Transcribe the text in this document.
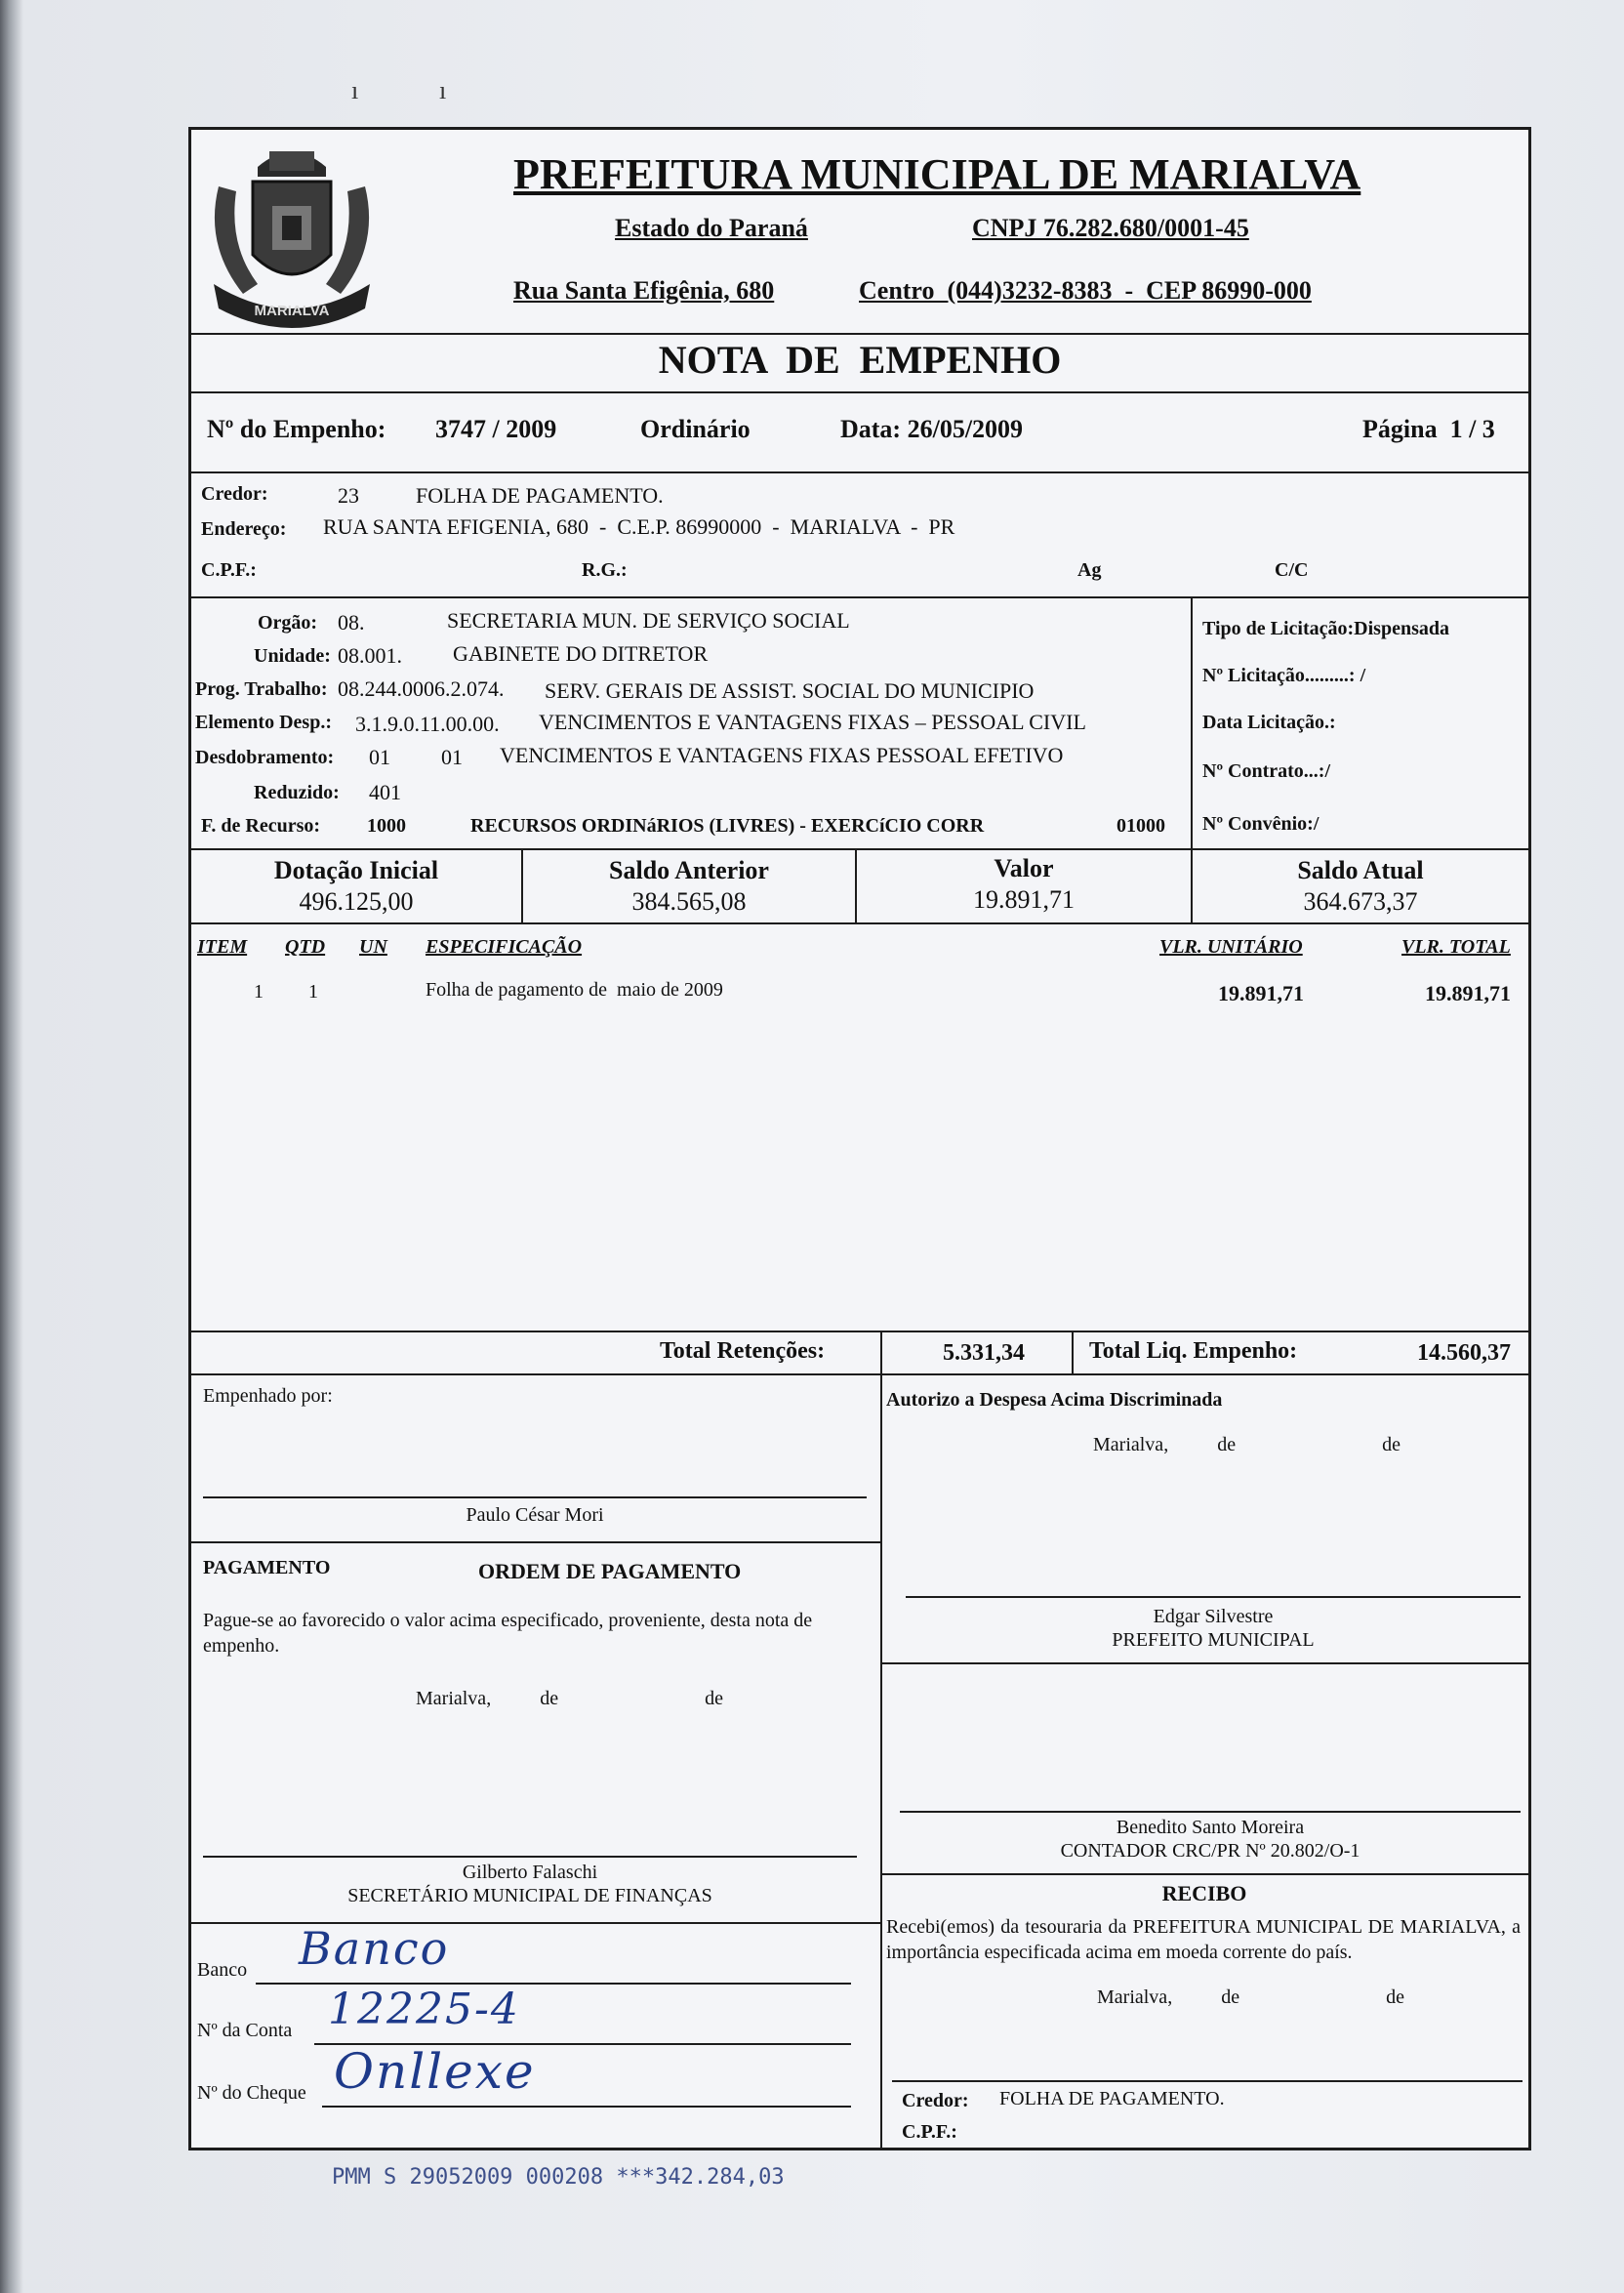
ı	ı
MARIALVA
PREFEITURA MUNICIPAL DE MARIALVA
Estado do Paraná	CNPJ 76.282.680/0001-45
Rua Santa Efigênia, 680	Centro  (044)3232-8383  -  CEP 86990-000
NOTA  DE  EMPENHO
Nº do Empenho: 3747 / 2009	Ordinário	Data: 26/05/2009	Página  1 / 3
Credor:	23	FOLHA DE PAGAMENTO.
Endereço: RUA SANTA EFIGENIA, 680  -  C.E.P. 86990000  -  MARIALVA  -  PR
C.P.F.:	R.G.:	Ag	C/C
Orgão: 08.	SECRETARIA MUN. DE SERVIÇO SOCIAL
Unidade: 08.001. GABINETE DO DITRETOR
Prog. Trabalho: 08.244.0006.2.074. SERV. GERAIS DE ASSIST. SOCIAL DO MUNICIPIO
Elemento Desp.: 3.1.9.0.11.00.00. VENCIMENTOS E VANTAGENS FIXAS – PESSOAL CIVIL
Desdobramento: 01 01 VENCIMENTOS E VANTAGENS FIXAS PESSOAL EFETIVO
Reduzido: 401
F. de Recurso: 1000	RECURSOS ORDINáRIOS (LIVRES) - EXERCíCIO CORR	01000
Tipo de Licitação:Dispensada
Nº Licitação.........: /
Data Licitação.:
Nº Contrato...:/
Nº Convênio:/
Dotação Inicial
496.125,00
Saldo Anterior
384.565,08
Valor
19.891,71
Saldo Atual
364.673,37
ITEM QTD UN ESPECIFICAÇÃO	VLR. UNITÁRIO	VLR. TOTAL
1 1	Folha de pagamento de  maio de 2009	19.891,71	19.891,71
Total Retenções:	5.331,34	Total Liq. Empenho:	14.560,37
Empenhado por:
Paulo César Mori
PAGAMENTO	ORDEM DE PAGAMENTO
Pague-se ao favorecido o valor acima especificado, proveniente, desta nota de empenho.
Marialva,          de                              de
Gilberto Falaschi
SECRETÁRIO MUNICIPAL DE FINANÇAS
Banco Banco
Nº da Conta 12225-4
Nº do Cheque Onllexe
Autorizo a Despesa Acima Discriminada
Marialva,          de                              de
Edgar Silvestre
PREFEITO MUNICIPAL
Benedito Santo Moreira
CONTADOR CRC/PR Nº 20.802/O-1
RECIBO
Recebi(emos) da tesouraria da PREFEITURA MUNICIPAL DE MARIALVA, a importância especificada acima em moeda corrente do país.
Marialva,          de                              de
Credor: FOLHA DE PAGAMENTO.
C.P.F.:
PMM S 29052009 000208 ***342.284,03
